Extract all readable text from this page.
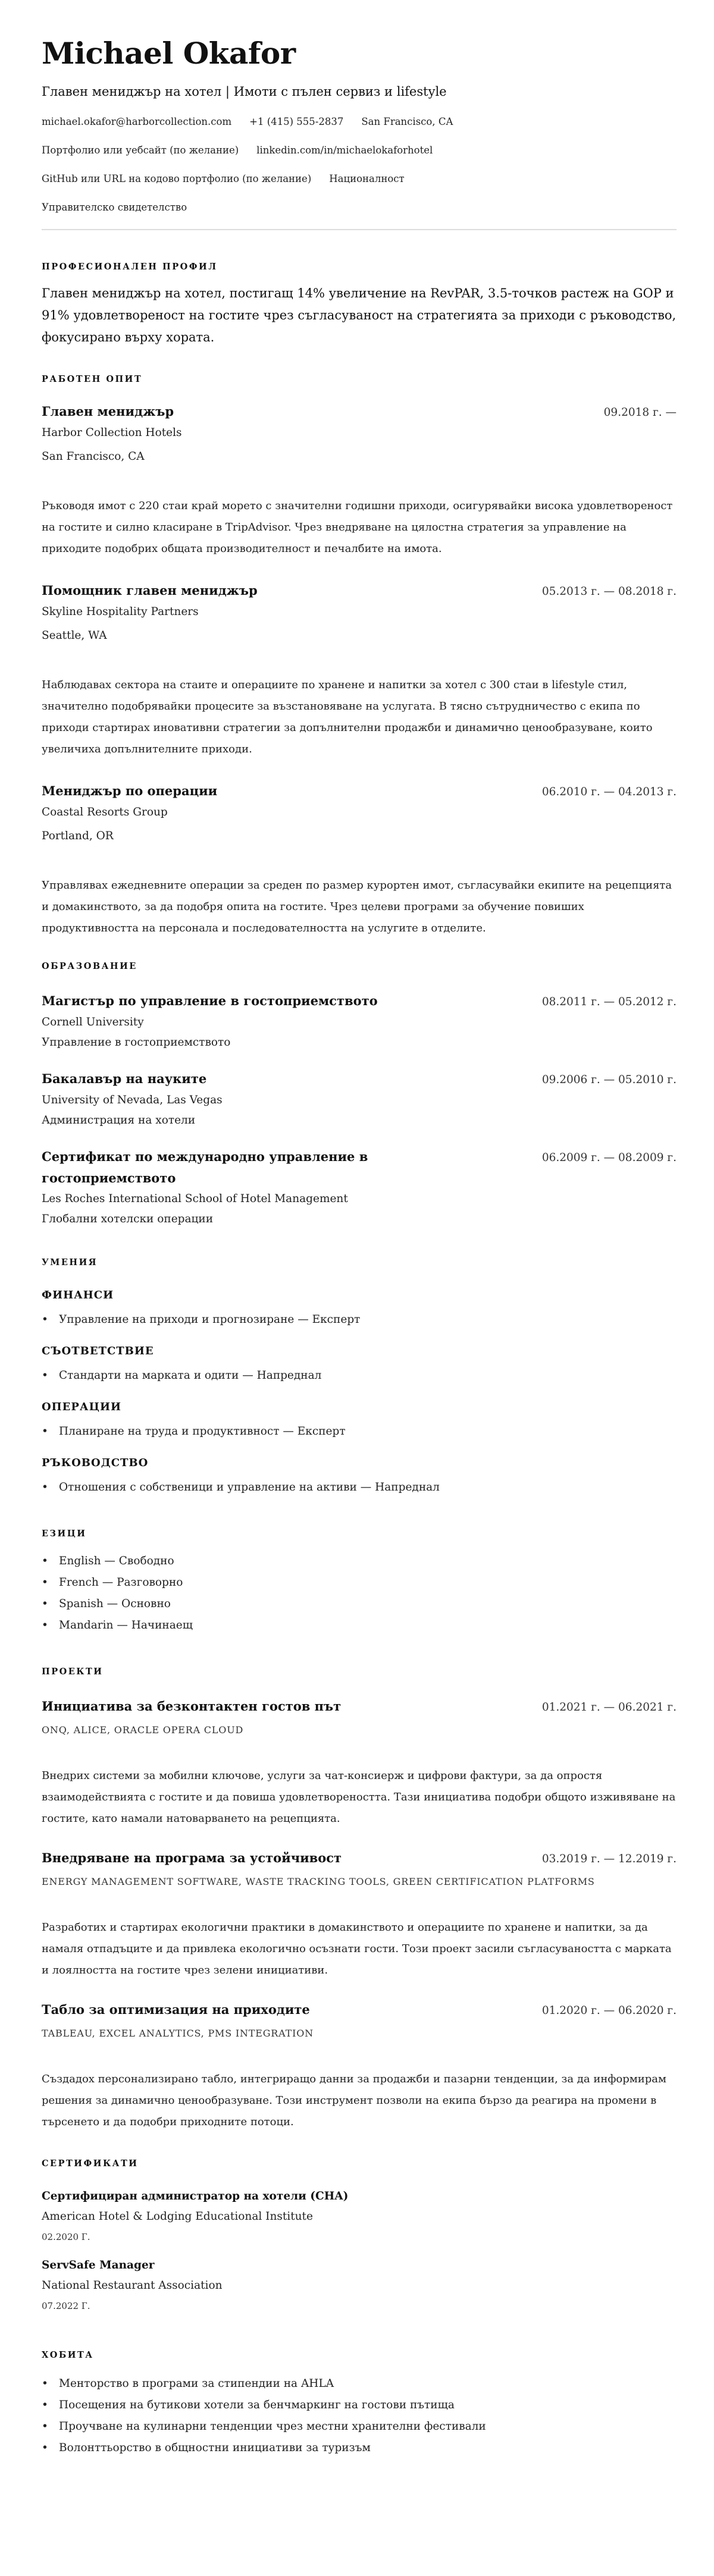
Michael Okafor
Главен мениджър на хотел | Имоти с пълен сервиз и lifestyle
michael.okafor@harborcollection.com +1 (415) 555-2837 San Francisco, CA
Портфолио или уебсайт (по желание) linkedin.com/in/michaelokaforhotel
GitHub или URL на кодово портфолио (по желание) Националност
Управителско свидетелство
ПРОФЕСИОНАЛЕН ПРОФИЛ
Главен мениджър на хотел, постигащ 14% увеличение на RevPAR, 3.5-точков растеж на GOP и 91% удовлетвореност на гостите чрез съгласуваност на стратегията за приходи с ръководство, фокусирано върху хората.
РАБОТЕН ОПИТ
Главен мениджър	09.2018 г. —
Harbor Collection Hotels
San Francisco, CA
Ръководя имот с 220 стаи край морето с значителни годишни приходи, осигурявайки висока удовлетвореност на гостите и силно класиране в TripAdvisor. Чрез внедряване на цялостна стратегия за управление на приходите подобрих общата производителност и печалбите на имота.
Помощник главен мениджър	05.2013 г. — 08.2018 г.
Skyline Hospitality Partners
Seattle, WA
Наблюдавах сектора на стаите и операциите по хранене и напитки за хотел с 300 стаи в lifestyle стил, значително подобрявайки процесите за възстановяване на услугата. В тясно сътрудничество с екипа по приходи стартирах иновативни стратегии за допълнителни продажби и динамично ценообразуване, които увеличиха допълнителните приходи.
Мениджър по операции	06.2010 г. — 04.2013 г.
Coastal Resorts Group
Portland, OR
Управлявах ежедневните операции за среден по размер курортен имот, съгласувайки екипите на рецепцията и домакинството, за да подобря опита на гостите. Чрез целеви програми за обучение повиших продуктивността на персонала и последователността на услугите в отделите.
ОБРАЗОВАНИЕ
Магистър по управление в гостоприемството	08.2011 г. — 05.2012 г.
Cornell University
Управление в гостоприемството
Бакалавър на науките	09.2006 г. — 05.2010 г.
University of Nevada, Las Vegas
Администрация на хотели
Сертификат по международно управление в гостоприемството
06.2009 г. — 08.2009 г.
Les Roches International School of Hotel Management
Глобални хотелски операции
УМЕНИЯ
ФИНАНСИ
• Управление на приходи и прогнозиране — Експерт
СЪОТВЕТСТВИЕ
• Стандарти на марката и одити — Напреднал
ОПЕРАЦИИ
• Планиране на труда и продуктивност — Експерт
РЪКОВОДСТВО
• Отношения с собственици и управление на активи — Напреднал
ЕЗИЦИ
• English — Свободно
• French — Разговорно
• Spanish — Основно
• Mandarin — Начинаещ
ПРОЕКТИ
Инициатива за безконтактен гостов път	01.2021 г. — 06.2021 г.
ONQ, ALICE, ORACLE OPERA CLOUD
Внедрих системи за мобилни ключове, услуги за чат-консиерж и цифрови фактури, за да опростя взаимодействията с гостите и да повиша удовлетвореността. Тази инициатива подобри общото изживяване на гостите, като намали натоварването на рецепцията.
Внедряване на програма за устойчивост	03.2019 г. — 12.2019 г.
ENERGY MANAGEMENT SOFTWARE, WASTE TRACKING TOOLS, GREEN CERTIFICATION PLATFORMS
Разработих и стартирах екологични практики в домакинството и операциите по хранене и напитки, за да намаля отпадъците и да привлека екологично осъзнати гости. Този проект засили съгласуваността с марката и лоялността на гостите чрез зелени инициативи.
Табло за оптимизация на приходите	01.2020 г. — 06.2020 г.
TABLEAU, EXCEL ANALYTICS, PMS INTEGRATION
Създадох персонализирано табло, интегриращо данни за продажби и пазарни тенденции, за да информирам решения за динамично ценообразуване. Този инструмент позволи на екипа бързо да реагира на промени в търсенето и да подобри приходните потоци.
СЕРТИФИКАТИ
Сертифициран администратор на хотели (CHA)
American Hotel & Lodging Educational Institute
02.2020 Г.
ServSafe Manager
National Restaurant Association
07.2022 Г.
ХОБИТА
• Менторство в програми за стипендии на AHLA
• Посещения на бутикови хотели за бенчмаркинг на гостови пътища
• Проучване на кулинарни тенденции чрез местни хранителни фестивали
• Волонттьорство в общностни инициативи за туризъм
